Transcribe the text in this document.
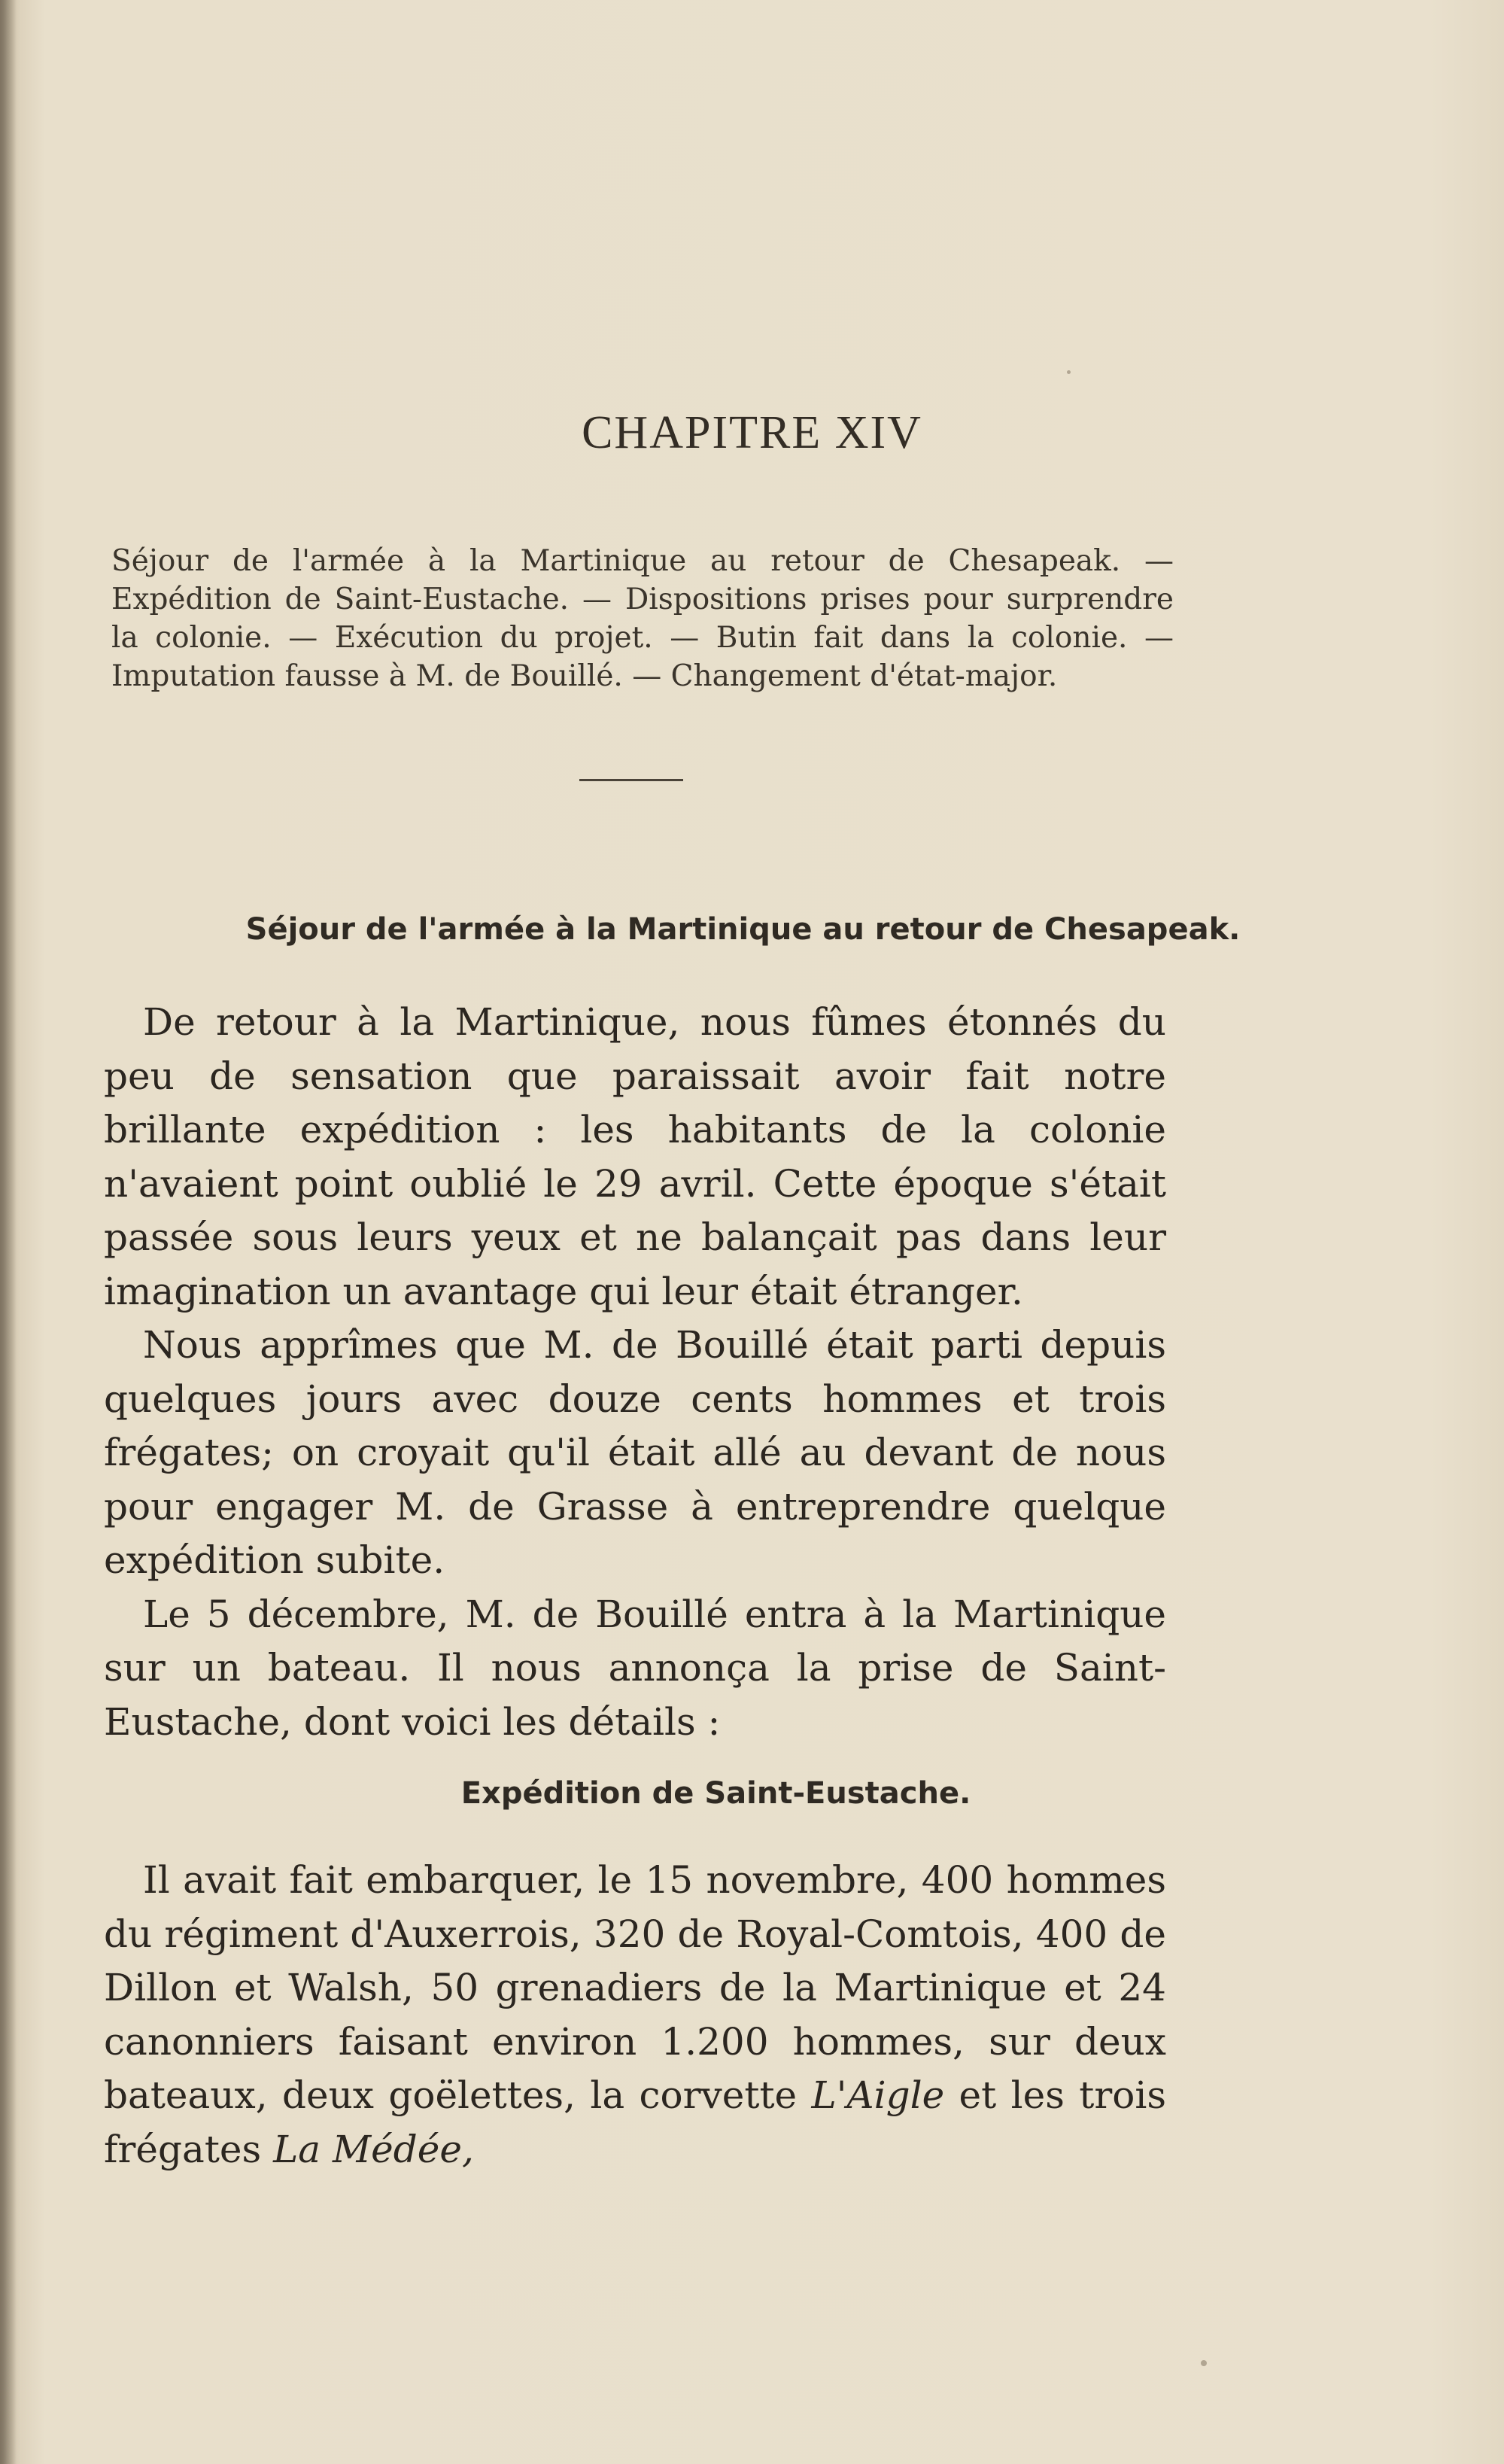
CHAPITRE XIV
Séjour de l'armée à la Martinique au retour de Chesapeak. — Expédition de Saint-Eustache. — Dispositions prises pour surprendre la colonie. — Exécution du projet. — Butin fait dans la colonie. — Imputation fausse à M. de Bouillé. — Changement d'état-major.
Séjour de l'armée à la Martinique au retour de Chesapeak.

De retour à la Martinique, nous fûmes étonnés du peu de sensation que paraissait avoir fait notre brillante expédition : les habitants de la colonie n'avaient point oublié le 29 avril. Cette époque s'était passée sous leurs yeux et ne balançait pas dans leur imagination un avantage qui leur était étranger.

Nous apprîmes que M. de Bouillé était parti depuis quelques jours avec douze cents hommes et trois frégates; on croyait qu'il était allé au devant de nous pour engager M. de Grasse à entreprendre quelque expédition subite.

Le 5 décembre, M. de Bouillé entra à la Martinique sur un bateau. Il nous annonça la prise de Saint-Eustache, dont voici les détails :

Expédition de Saint-Eustache.

Il avait fait embarquer, le 15 novembre, 400 hommes du régiment d'Auxerrois, 320 de Royal-Comtois, 400 de Dillon et Walsh, 50 grenadiers de la Martinique et 24 canonniers faisant environ 1.200 hommes, sur deux bateaux, deux goëlettes, la corvette L'Aigle et les trois frégates La Médée,
